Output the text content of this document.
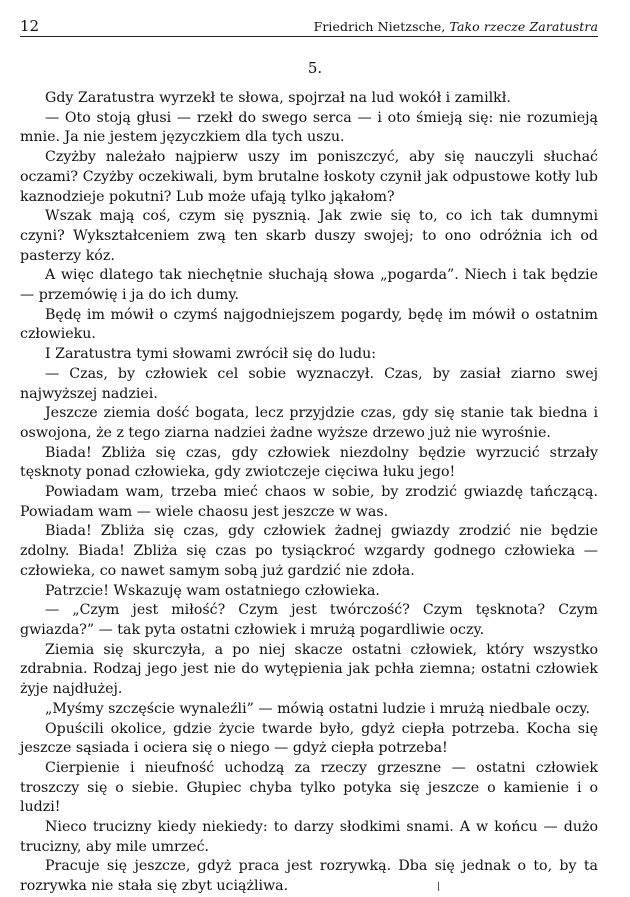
12	Friedrich Nietzsche, Tako rzecze Zaratustra
5.

Gdy Zaratustra wyrzekł te słowa, spojrzał na lud wokół i zamilkł.

— Oto stoją głusi — rzekł do swego serca — i oto śmieją się: nie rozumieją mnie. Ja nie jestem języczkiem dla tych uszu.

Czyżby należało najpierw uszy im poniszczyć, aby się nauczyli słuchać oczami? Czyżby oczekiwali, bym brutalne łoskoty czynił jak odpustowe kotły lub kaznodzieje pokutni? Lub może ufają tylko jąkałom?

Wszak mają coś, czym się pysznią. Jak zwie się to, co ich tak dumnymi czyni? Wykształceniem zwą ten skarb duszy swojej; to ono odróżnia ich od pasterzy kóz.

A więc dlatego tak niechętnie słuchają słowa „pogarda”. Niech i tak będzie — przemówię i ja do ich dumy.

Będę im mówił o czymś najgodniejszem pogardy, będę im mówił o ostatnim człowieku.

I Zaratustra tymi słowami zwrócił się do ludu:

— Czas, by człowiek cel sobie wyznaczył. Czas, by zasiał ziarno swej najwyższej nadziei.

Jeszcze ziemia dość bogata, lecz przyjdzie czas, gdy się stanie tak biedna i oswojona, że z tego ziarna nadziei żadne wyższe drzewo już nie wyrośnie.

Biada! Zbliża się czas, gdy człowiek niezdolny będzie wyrzucić strzały tęsknoty ponad człowieka, gdy zwiotczeje cięciwa łuku jego!

Powiadam wam, trzeba mieć chaos w sobie, by zrodzić gwiazdę tańczącą. Powiadam wam — wiele chaosu jest jeszcze w was.

Biada! Zbliża się czas, gdy człowiek żadnej gwiazdy zrodzić nie będzie zdolny. Biada! Zbliża się czas po tysiąckroć wzgardy godnego człowieka — człowieka, co nawet samym sobą już gardzić nie zdoła.

Patrzcie! Wskazuję wam ostatniego człowieka.

— „Czym jest miłość? Czym jest twórczość? Czym tęsknota? Czym gwiazda?” — tak pyta ostatni człowiek i mrużą pogardliwie oczy.

Ziemia się skurczyła, a po niej skacze ostatni człowiek, który wszystko zdrabnia. Rodzaj jego jest nie do wytępienia jak pchła ziemna; ostatni człowiek żyje najdłużej.

„Myśmy szczęście wynaleźli” — mówią ostatni ludzie i mrużą niedbale oczy.

Opuścili okolice, gdzie życie twarde było, gdyż ciepła potrzeba. Kocha się jeszcze sąsiada i ociera się o niego — gdyż ciepła potrzeba!

Cierpienie i nieufność uchodzą za rzeczy grzeszne — ostatni człowiek troszczy się o siebie. Głupiec chyba tylko potyka się jeszcze o kamienie i o ludzi!

Nieco trucizny kiedy niekiedy: to darzy słodkimi snami. A w końcu — dużo trucizny, aby mile umrzeć.

Pracuje się jeszcze, gdyż praca jest rozrywką. Dba się jednak o to, by ta rozrywka nie stała się zbyt uciążliwa.
